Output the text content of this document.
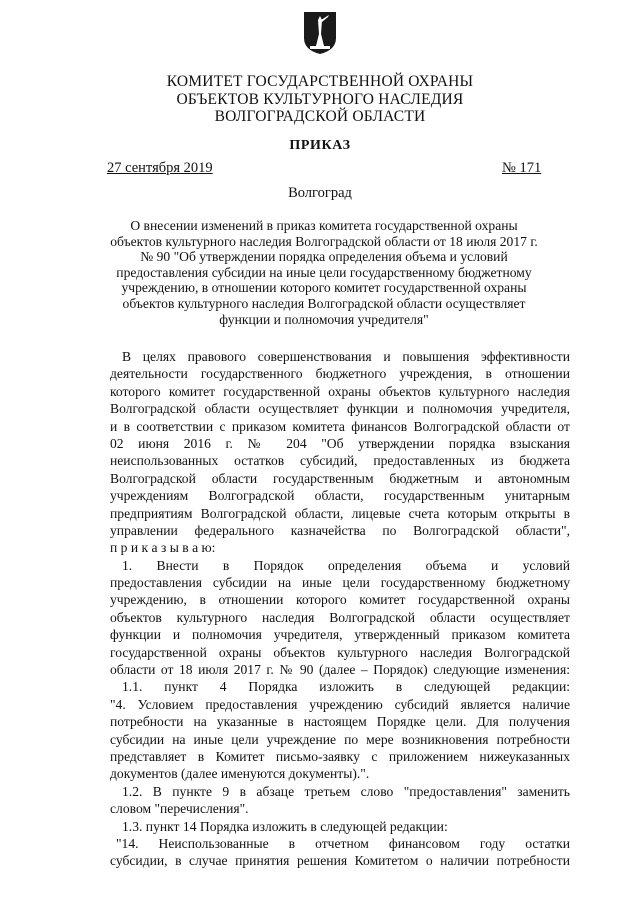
КОМИТЕТ ГОСУДАРСТВЕННОЙ ОХРАНЫ
ОБЪЕКТОВ КУЛЬТУРНОГО НАСЛЕДИЯ
ВОЛГОГРАДСКОЙ ОБЛАСТИ
ПРИКАЗ
27 сентября 2019	№ 171
Волгоград
О внесении изменений в приказ комитета государственной охраны
объектов культурного наследия Волгоградской области от 18 июля 2017 г.
№ 90 "Об утверждении порядка определения объема и условий
предоставления субсидии на иные цели государственному бюджетному
учреждению, в отношении которого комитет государственной охраны
объектов культурного наследия Волгоградской области осуществляет
функции и полномочия учредителя"
В целях правового совершенствования и повышения эффективности
деятельности государственного бюджетного учреждения, в отношении
которого комитет государственной охраны объектов культурного наследия
Волгоградской области осуществляет функции и полномочия учредителя,
и в соответствии с приказом комитета финансов Волгоградской области от
02 июня 2016 г. № 204 "Об утверждении порядка взыскания
неиспользованных остатков субсидий, предоставленных из бюджета
Волгоградской области государственным бюджетным и автономным
учреждениям Волгоградской области, государственным унитарным
предприятиям Волгоградской области, лицевые счета которым открыты в
управлении федерального казначейства по Волгоградской области",
п р и к а з ы в а ю:
1. Внести в Порядок определения объема и условий
предоставления субсидии на иные цели государственному бюджетному
учреждению, в отношении которого комитет государственной охраны
объектов культурного наследия Волгоградской области осуществляет
функции и полномочия учредителя, утвержденный приказом комитета
государственной охраны объектов культурного наследия Волгоградской
области от 18 июля 2017 г. № 90 (далее – Порядок) следующие изменения:
1.1. пункт 4 Порядка изложить в следующей редакции:
"4. Условием предоставления учреждению субсидий является наличие
потребности на указанные в настоящем Порядке цели. Для получения
субсидии на иные цели учреждение по мере возникновения потребности
представляет в Комитет письмо-заявку с приложением нижеуказанных
документов (далее именуются документы).".
1.2. В пункте 9 в абзаце третьем слово "предоставления" заменить
словом "перечисления".
1.3. пункт 14 Порядка изложить в следующей редакции:
"14. Неиспользованные в отчетном финансовом году остатки
субсидии, в случае принятия решения Комитетом о наличии потребности
